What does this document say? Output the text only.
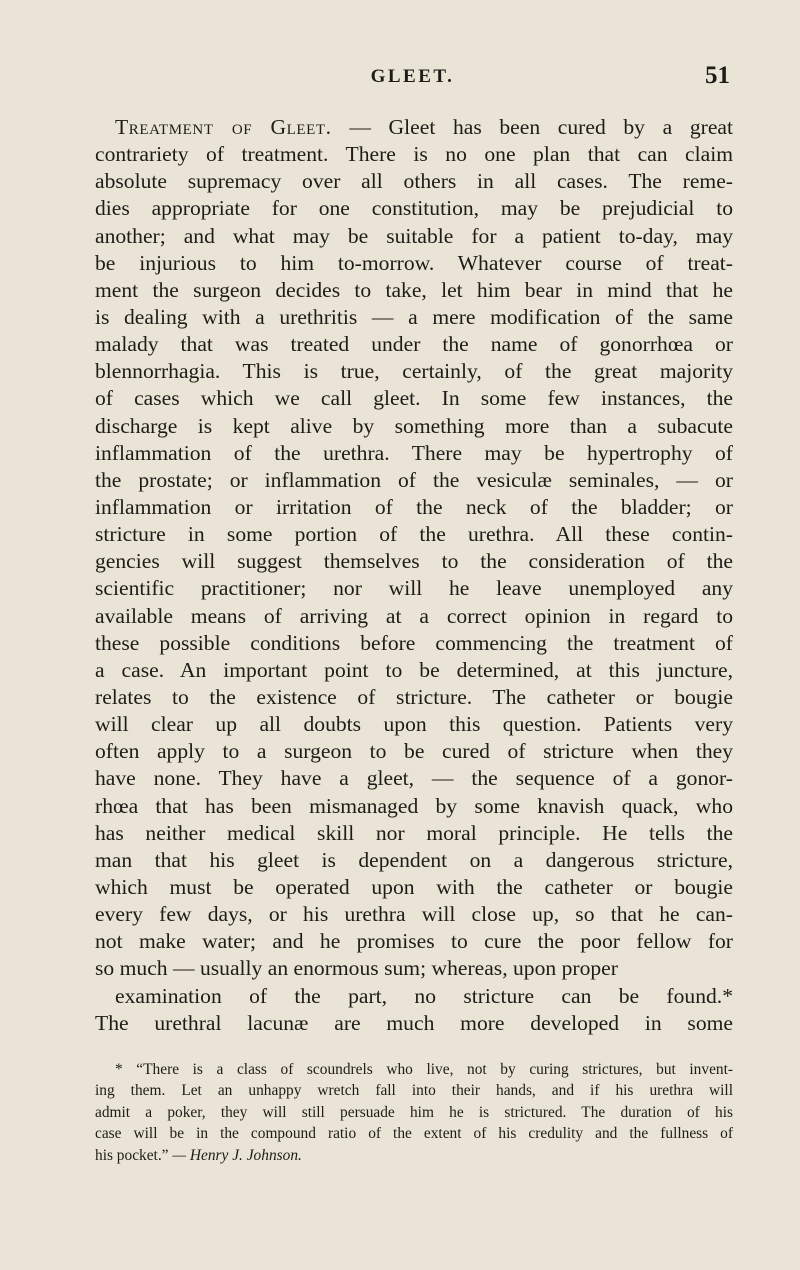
GLEET.	51
Treatment of Gleet. — Gleet has been cured by a great
contrariety of treatment. There is no one plan that can claim
absolute supremacy over all others in all cases. The reme-
dies appropriate for one constitution, may be prejudicial to
another; and what may be suitable for a patient to-day, may
be injurious to him to-morrow. Whatever course of treat-
ment the surgeon decides to take, let him bear in mind that he
is dealing with a urethritis — a mere modification of the same
malady that was treated under the name of gonorrhœa or
blennorrhagia. This is true, certainly, of the great majority
of cases which we call gleet. In some few instances, the
discharge is kept alive by something more than a subacute
inflammation of the urethra. There may be hypertrophy of
the prostate; or inflammation of the vesiculæ seminales, — or
inflammation or irritation of the neck of the bladder; or
stricture in some portion of the urethra. All these contin-
gencies will suggest themselves to the consideration of the
scientific practitioner; nor will he leave unemployed any
available means of arriving at a correct opinion in regard to
these possible conditions before commencing the treatment of
a case. An important point to be determined, at this juncture,
relates to the existence of stricture. The catheter or bougie
will clear up all doubts upon this question. Patients very
often apply to a surgeon to be cured of stricture when they
have none. They have a gleet, — the sequence of a gonor-
rhœa that has been mismanaged by some knavish quack, who
has neither medical skill nor moral principle. He tells the
man that his gleet is dependent on a dangerous stricture,
which must be operated upon with the catheter or bougie
every few days, or his urethra will close up, so that he can-
not make water; and he promises to cure the poor fellow for
so much — usually an enormous sum; whereas, upon proper
examination of the part, no stricture can be found.*
The urethral lacunæ are much more developed in some
* “There is a class of scoundrels who live, not by curing strictures, but invent-
ing them. Let an unhappy wretch fall into their hands, and if his urethra will
admit a poker, they will still persuade him he is strictured. The duration of his
case will be in the compound ratio of the extent of his credulity and the fullness of
his pocket.” — Henry J. Johnson.
